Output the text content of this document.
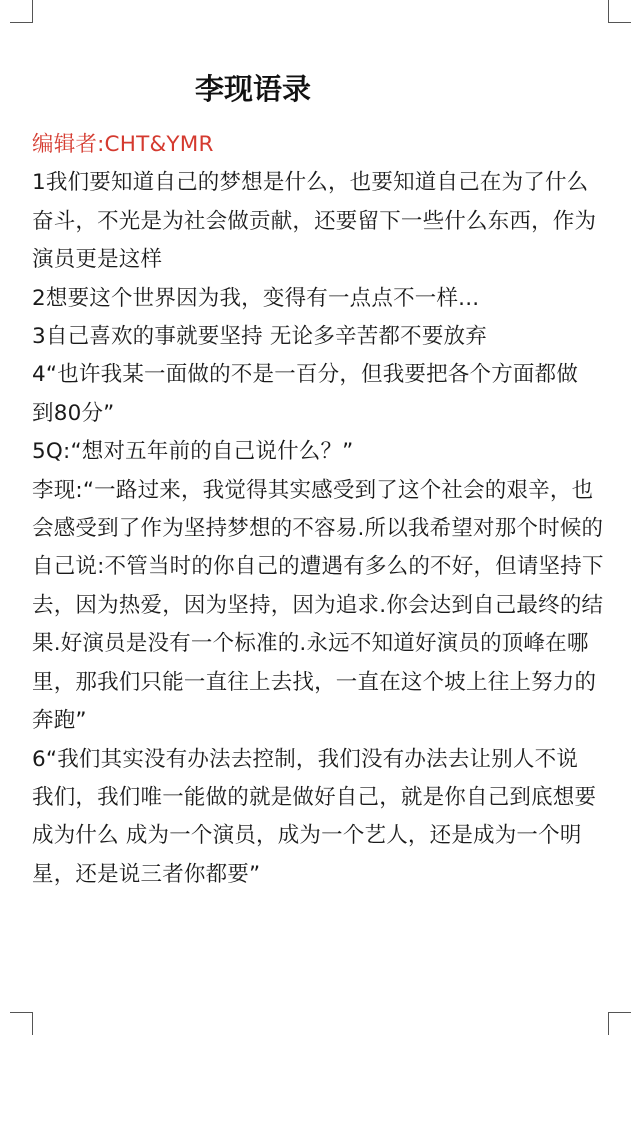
李现语录

编辑者:CHT&YMR

1我们要知道自己的梦想是什么，也要知道自己在为了什么
奋斗，不光是为社会做贡献，还要留下一些什么东西，作为
演员更是这样

2想要这个世界因为我，变得有一点点不一样...

3自己喜欢的事就要坚持 无论多辛苦都不要放弃

4“也许我某一面做的不是一百分，但我要把各个方面都做
到80分”

5Q:“想对五年前的自己说什么？”

李现:“一路过来，我觉得其实感受到了这个社会的艰辛，也
会感受到了作为坚持梦想的不容易.所以我希望对那个时候的
自己说:不管当时的你自己的遭遇有多么的不好，但请坚持下
去，因为热爱，因为坚持，因为追求.你会达到自己最终的结
果.好演员是没有一个标准的.永远不知道好演员的顶峰在哪
里，那我们只能一直往上去找，一直在这个坡上往上努力的
奔跑”

6“我们其实没有办法去控制，我们没有办法去让别人不说
我们，我们唯一能做的就是做好自己，就是你自己到底想要
成为什么 成为一个演员，成为一个艺人，还是成为一个明
星，还是说三者你都要”
